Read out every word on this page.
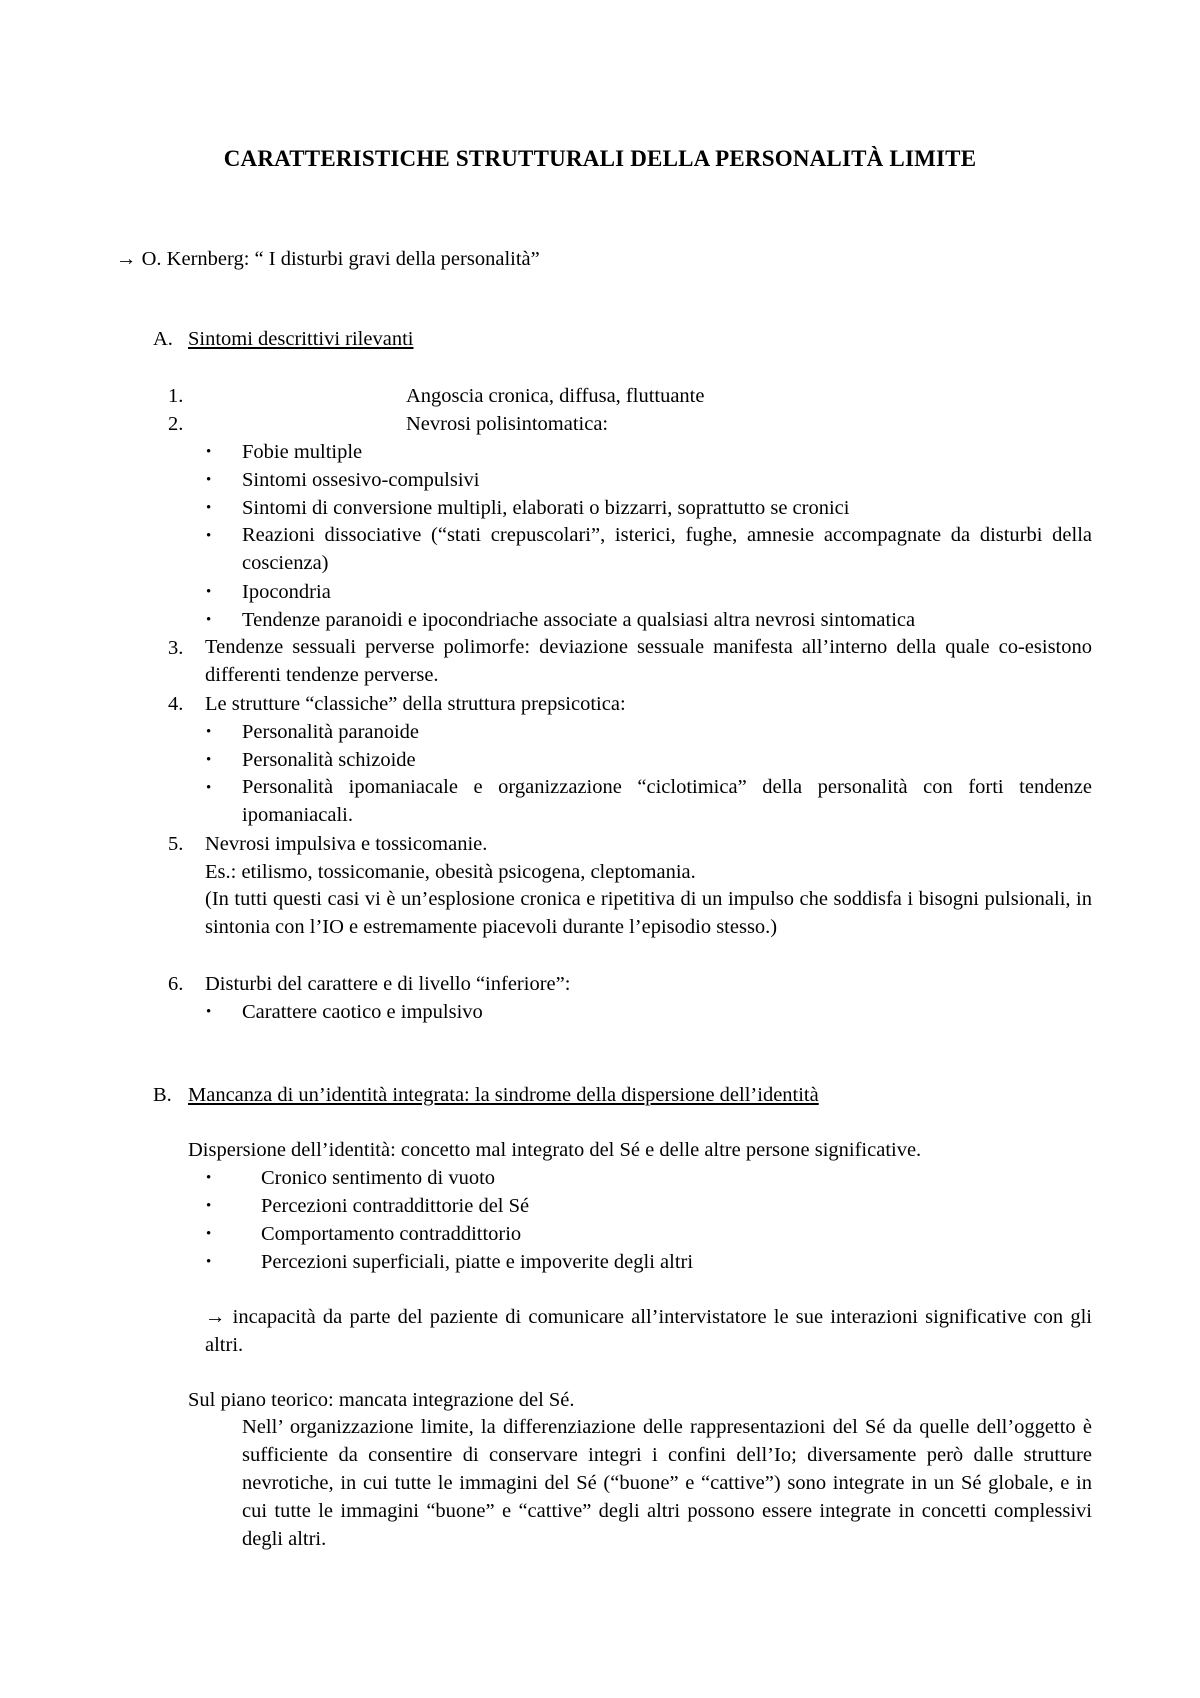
CARATTERISTICHE STRUTTURALI DELLA PERSONALITÀ LIMITE
→ O. Kernberg: “ I disturbi gravi della personalità”
A. Sintomi descrittivi rilevanti
1.	Angoscia cronica, diffusa, fluttuante
2.	Nevrosi polisintomatica:
• Fobie multiple
• Sintomi ossesivo-compulsivi
• Sintomi di conversione multipli, elaborati o bizzarri, soprattutto se cronici
• Reazioni dissociative (“stati crepuscolari”, isterici, fughe, amnesie accompagnate da disturbi della coscienza)
• Ipocondria
• Tendenze paranoidi e ipocondriache associate a qualsiasi altra nevrosi sintomatica
3. Tendenze sessuali perverse polimorfe: deviazione sessuale manifesta all’interno della quale co-esistono differenti tendenze perverse.
4. Le strutture “classiche” della struttura prepsicotica:
• Personalità paranoide
• Personalità schizoide
• Personalità ipomaniacale e organizzazione “ciclotimica” della personalità con forti tendenze ipomaniacali.
5. Nevrosi impulsiva e tossicomanie.
Es.: etilismo, tossicomanie, obesità psicogena, cleptomania.
(In tutti questi casi vi è un’esplosione cronica e ripetitiva di un impulso che soddisfa i bisogni pulsionali, in sintonia con l’IO e estremamente piacevoli durante l’episodio stesso.)
6. Disturbi del carattere e di livello “inferiore”:
• Carattere caotico e impulsivo
B. Mancanza di un’identità integrata: la sindrome della dispersione dell’identità
Dispersione dell’identità: concetto mal integrato del Sé e delle altre persone significative.
• Cronico sentimento di vuoto
• Percezioni contraddittorie del Sé
• Comportamento contraddittorio
• Percezioni superficiali, piatte e impoverite degli altri
→ incapacità da parte del paziente di comunicare all’intervistatore le sue interazioni significative con gli altri.
Sul piano teorico: mancata integrazione del Sé.
Nell’ organizzazione limite, la differenziazione delle rappresentazioni del Sé da quelle dell’oggetto è sufficiente da consentire di conservare integri i confini dell’Io; diversamente però dalle strutture nevrotiche, in cui tutte le immagini del Sé (“buone” e “cattive”) sono integrate in un Sé globale, e in cui tutte le immagini “buone” e “cattive” degli altri possono essere integrate in concetti complessivi degli altri.
